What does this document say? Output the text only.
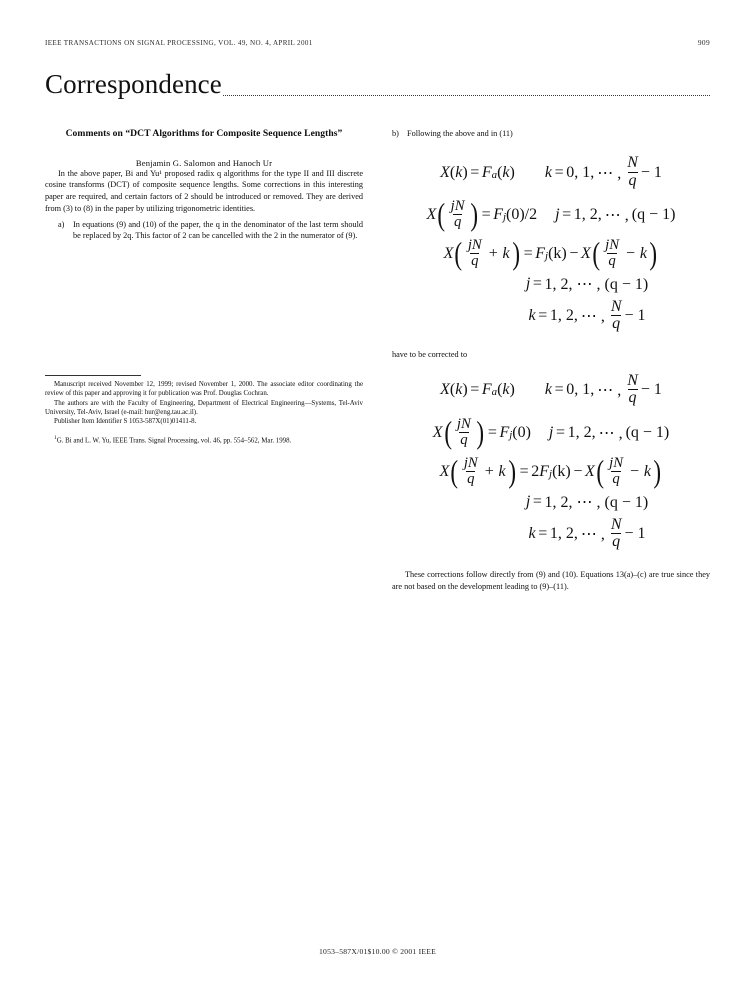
IEEE TRANSACTIONS ON SIGNAL PROCESSING, VOL. 49, NO. 4, APRIL 2001	909
Correspondence
Comments on “DCT Algorithms for Composite Sequence Lengths”
Benjamin G. Salomon and Hanoch Ur

In the above paper, Bi and Yu¹ proposed radix q algorithms for the type II and III discrete cosine transforms (DCT) of composite sequence lengths. Some corrections in this interesting paper are required, and certain factors of 2 should be introduced or removed. They are derived from (3) to (8) in the paper by utilizing trigonometric identities.

a)	In equations (9) and (10) of the paper, the q in the denominator of the last term should be replaced by 2q. This factor of 2 can be cancelled with the 2 in the numerator of (9).

Manuscript received November 12, 1999; revised November 1, 2000. The associate editor coordinating the review of this paper and approving it for publication was Prof. Douglas Cochran.

The authors are with the Faculty of Engineering, Department of Electrical Engineering—Systems, Tel-Aviv University, Tel-Aviv, Israel (e-mail: hur@eng.tau.ac.il).

Publisher Item Identifier S 1053-587X(01)01411-8.

$^1$G. Bi and L. W. Yu, IEEE Trans. Signal Processing, vol. 46, pp. 554–562, Mar. 1998.

b) Following the above and in (11)
X ( k ) = F a ( k ) k = 0, 1, ⋯ , $\frac{N}{q} - 1$
X ( $\frac{jN}{q}$ ) = F j (0)/2 j = 1, 2, ⋯ , (q − 1)
X ( $\frac{jN}{q} + k$ ) = F j (k) − X ( $\frac{jN}{q} - k$ )
j = 1, 2, ⋯ , (q − 1)
k = 1, 2, ⋯ , $\frac{N}{q} - 1$

have to be corrected to

X ( k ) = F a ( k ) k = 0, 1, ⋯ , $\frac{N}{q} - 1$
X ( $\frac{jN}{q}$ ) = F j (0) j = 1, 2, ⋯ , (q − 1)
X ( $\frac{jN}{q} + k$ ) = 2 F j (k) − X ( $\frac{jN}{q} - k$ )
j = 1, 2, ⋯ , (q − 1)
k = 1, 2, ⋯ , $\frac{N}{q} - 1$

These corrections follow directly from (9) and (10). Equations 13(a)–(c) are true since they are not based on the development leading to (9)–(11).

1053–587X/01$10.00 © 2001 IEEE
